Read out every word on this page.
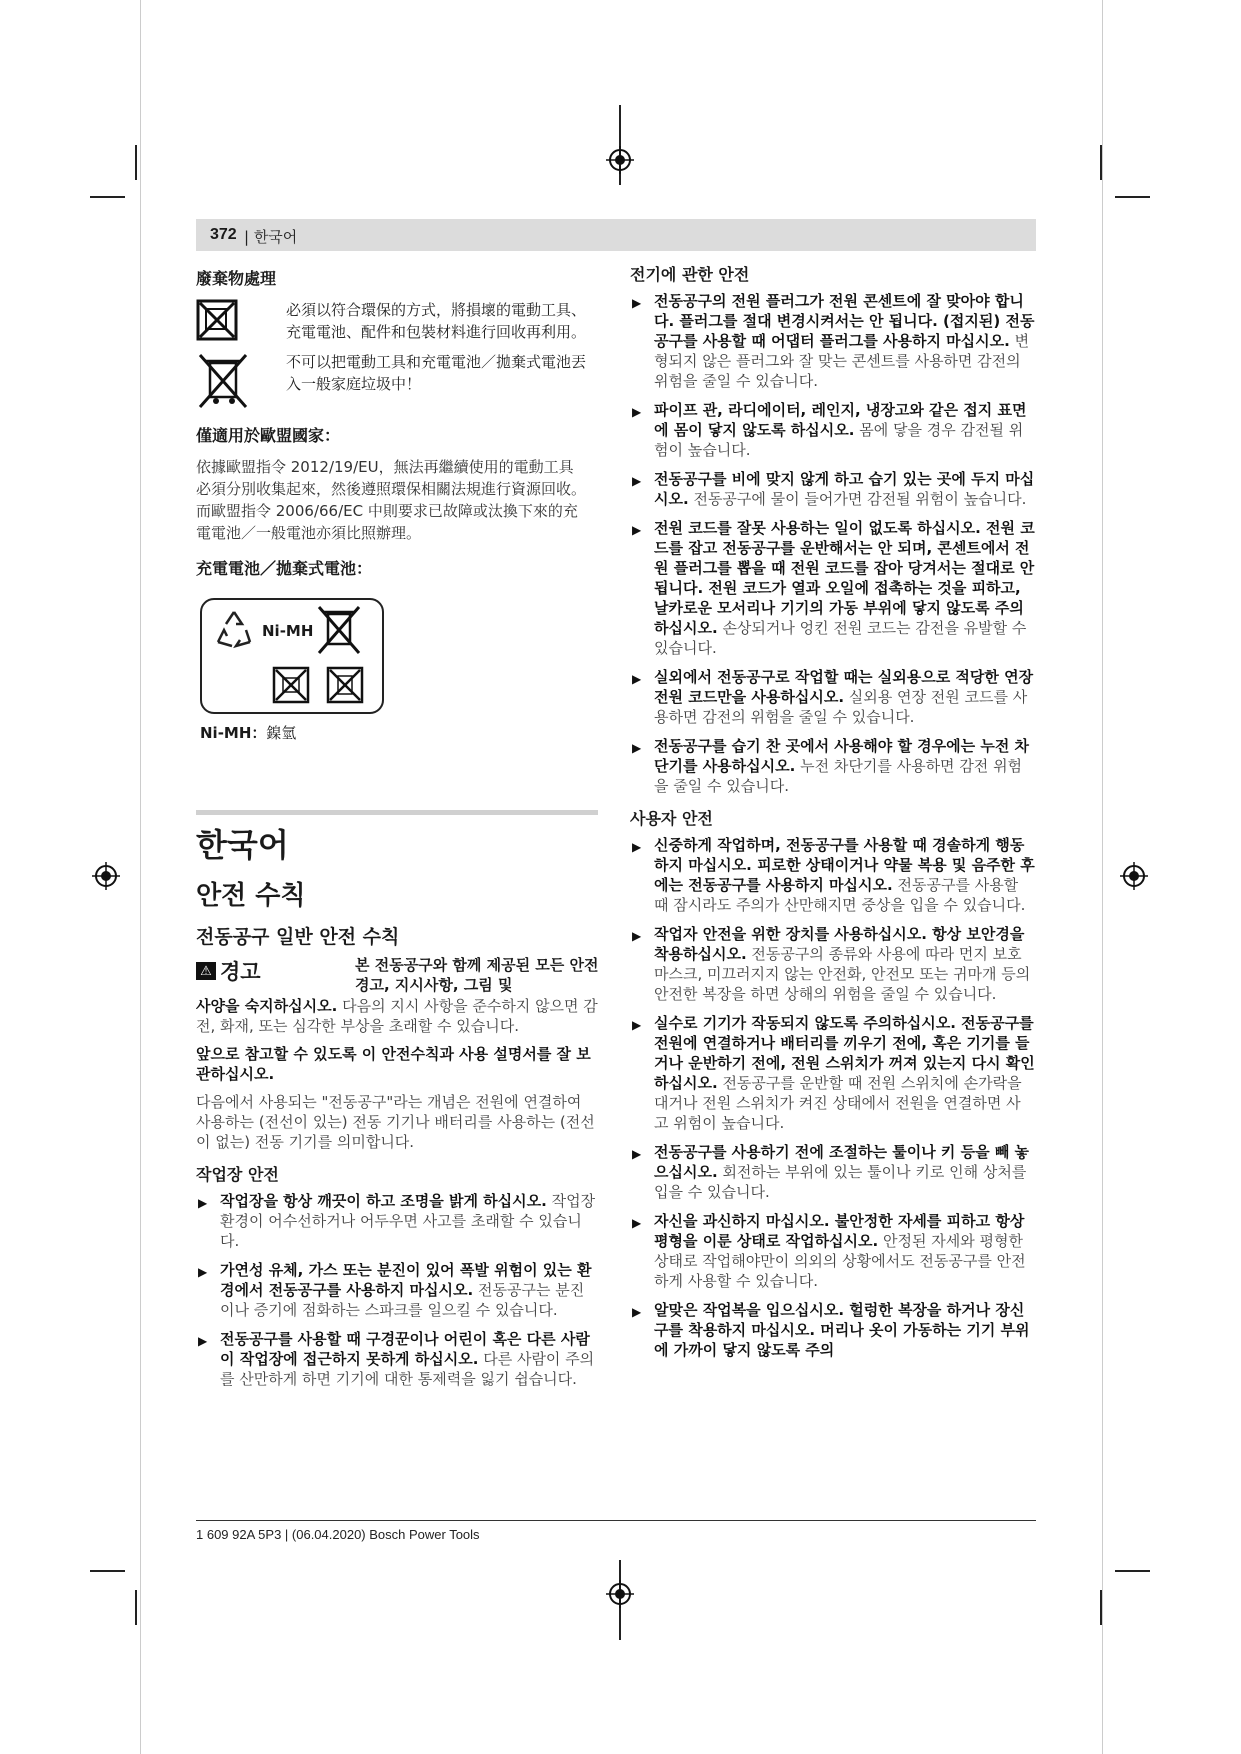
372 | 한국어
廢棄物處理
必須以符合環保的方式，將損壞的電動工具、充電電池、配件和包裝材料進行回收再利用。
不可以把電動工具和充電電池／拋棄式電池丟入一般家庭垃圾中！
僅適用於歐盟國家：
依據歐盟指令 2012/19/EU，無法再繼續使用的電動工具必須分別收集起來，然後遵照環保相關法規進行資源回收。而歐盟指令 2006/66/EC 中則要求已故障或汰換下來的充電電池／一般電池亦須比照辦理。
充電電池／拋棄式電池：
Ni-MH
Ni-MH：鎳氫
한국어
안전 수칙
전동공구 일반 안전 수칙
⚠ 경고	본 전동공구와 함께 제공된 모든 안전경고, 지시사항, 그림 및
사양을 숙지하십시오. 다음의 지시 사항을 준수하지 않으면 감전, 화재, 또는 심각한 부상을 초래할 수 있습니다.
앞으로 참고할 수 있도록 이 안전수칙과 사용 설명서를 잘 보관하십시오.
다음에서 사용되는 "전동공구"라는 개념은 전원에 연결하여 사용하는 (전선이 있는) 전동 기기나 배터리를 사용하는 (전선이 없는) 전동 기기를 의미합니다.
작업장 안전
▶ 작업장을 항상 깨끗이 하고 조명을 밝게 하십시오. 작업장 환경이 어수선하거나 어두우면 사고를 초래할 수 있습니다.
▶ 가연성 유체, 가스 또는 분진이 있어 폭발 위험이 있는 환경에서 전동공구를 사용하지 마십시오. 전동공구는 분진이나 증기에 점화하는 스파크를 일으킬 수 있습니다.
▶ 전동공구를 사용할 때 구경꾼이나 어린이 혹은 다른 사람이 작업장에 접근하지 못하게 하십시오. 다른 사람이 주의를 산만하게 하면 기기에 대한 통제력을 잃기 쉽습니다.
전기에 관한 안전
▶ 전동공구의 전원 플러그가 전원 콘센트에 잘 맞아야 합니다. 플러그를 절대 변경시켜서는 안 됩니다. (접지된) 전동공구를 사용할 때 어댑터 플러그를 사용하지 마십시오. 변형되지 않은 플러그와 잘 맞는 콘센트를 사용하면 감전의 위험을 줄일 수 있습니다.
▶ 파이프 관, 라디에이터, 레인지, 냉장고와 같은 접지 표면에 몸이 닿지 않도록 하십시오. 몸에 닿을 경우 감전될 위험이 높습니다.
▶ 전동공구를 비에 맞지 않게 하고 습기 있는 곳에 두지 마십시오. 전동공구에 물이 들어가면 감전될 위험이 높습니다.
▶ 전원 코드를 잘못 사용하는 일이 없도록 하십시오. 전원 코드를 잡고 전동공구를 운반해서는 안 되며, 콘센트에서 전원 플러그를 뽑을 때 전원 코드를 잡아 당겨서는 절대로 안 됩니다. 전원 코드가 열과 오일에 접촉하는 것을 피하고, 날카로운 모서리나 기기의 가동 부위에 닿지 않도록 주의하십시오. 손상되거나 엉킨 전원 코드는 감전을 유발할 수 있습니다.
▶ 실외에서 전동공구로 작업할 때는 실외용으로 적당한 연장 전원 코드만을 사용하십시오. 실외용 연장 전원 코드를 사용하면 감전의 위험을 줄일 수 있습니다.
▶ 전동공구를 습기 찬 곳에서 사용해야 할 경우에는 누전 차단기를 사용하십시오. 누전 차단기를 사용하면 감전 위험을 줄일 수 있습니다.
사용자 안전
▶ 신중하게 작업하며, 전동공구를 사용할 때 경솔하게 행동하지 마십시오. 피로한 상태이거나 약물 복용 및 음주한 후에는 전동공구를 사용하지 마십시오. 전동공구를 사용할 때 잠시라도 주의가 산만해지면 중상을 입을 수 있습니다.
▶ 작업자 안전을 위한 장치를 사용하십시오. 항상 보안경을 착용하십시오. 전동공구의 종류와 사용에 따라 먼지 보호 마스크, 미끄러지지 않는 안전화, 안전모 또는 귀마개 등의 안전한 복장을 하면 상해의 위험을 줄일 수 있습니다.
▶ 실수로 기기가 작동되지 않도록 주의하십시오. 전동공구를 전원에 연결하거나 배터리를 끼우기 전에, 혹은 기기를 들거나 운반하기 전에, 전원 스위치가 꺼져 있는지 다시 확인하십시오. 전동공구를 운반할 때 전원 스위치에 손가락을 대거나 전원 스위치가 켜진 상태에서 전원을 연결하면 사고 위험이 높습니다.
▶ 전동공구를 사용하기 전에 조절하는 툴이나 키 등을 빼 놓으십시오. 회전하는 부위에 있는 툴이나 키로 인해 상처를 입을 수 있습니다.
▶ 자신을 과신하지 마십시오. 불안정한 자세를 피하고 항상 평형을 이룬 상태로 작업하십시오. 안정된 자세와 평형한 상태로 작업해야만이 의외의 상황에서도 전동공구를 안전하게 사용할 수 있습니다.
▶ 알맞은 작업복을 입으십시오. 헐렁한 복장을 하거나 장신구를 착용하지 마십시오. 머리나 옷이 가동하는 기기 부위에 가까이 닿지 않도록 주의
1 609 92A 5P3 | (06.04.2020) Bosch Power Tools
